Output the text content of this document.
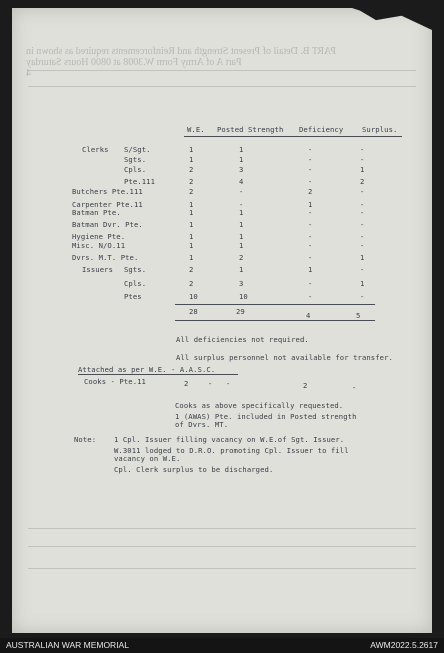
PART B. Detail of Present Strength and Reinforcements required as shown in
Part A of Army Form W.3008 at 0800 Hours Saturday
4
W.E. Posted Strength Deficiency	Surplus.
Clerks S/Sgt.	1	1	-	-
Sgts.	1	1	-	-
Cpls.	2	3	-	1
Pte.111	2	4	-	2
Butchers Pte.111	2	-	2	-
Carpenter Pte.11	1	-	1	-
Batman Pte.	1	1	-	-
Batman Dvr. Pte.	1	1	-	-
Hygiene Pte.	1	1	-	-
Misc. N/O.11	1	1	-	-
Dvrs. M.T. Pte.	1	2	-	1
Issuers Sgts.	2	1	1	-
Cpls.	2	3	-	1
Ptes	10	10	-	-
28	29	4	5
All deficiencies not required.
All surplus personnel not available for transfer.
Attached as per W.E. - A.A.S.C.
Cooks - Pte.11	2	- -	2	-
Cooks as above specifically requested.
1 (AWAS) Pte. included in Posted strength
of Dvrs. MT.
Note: 1 Cpl. Issuer filling vacancy on W.E.of Sgt. Issuer.
W.3011 lodged to D.R.O. promoting Cpl. Issuer to fill
vacancy on W.E.
Cpl. Clerk surplus to be discharged.
AUSTRALIAN WAR MEMORIAL	AWM2022.5.2617
